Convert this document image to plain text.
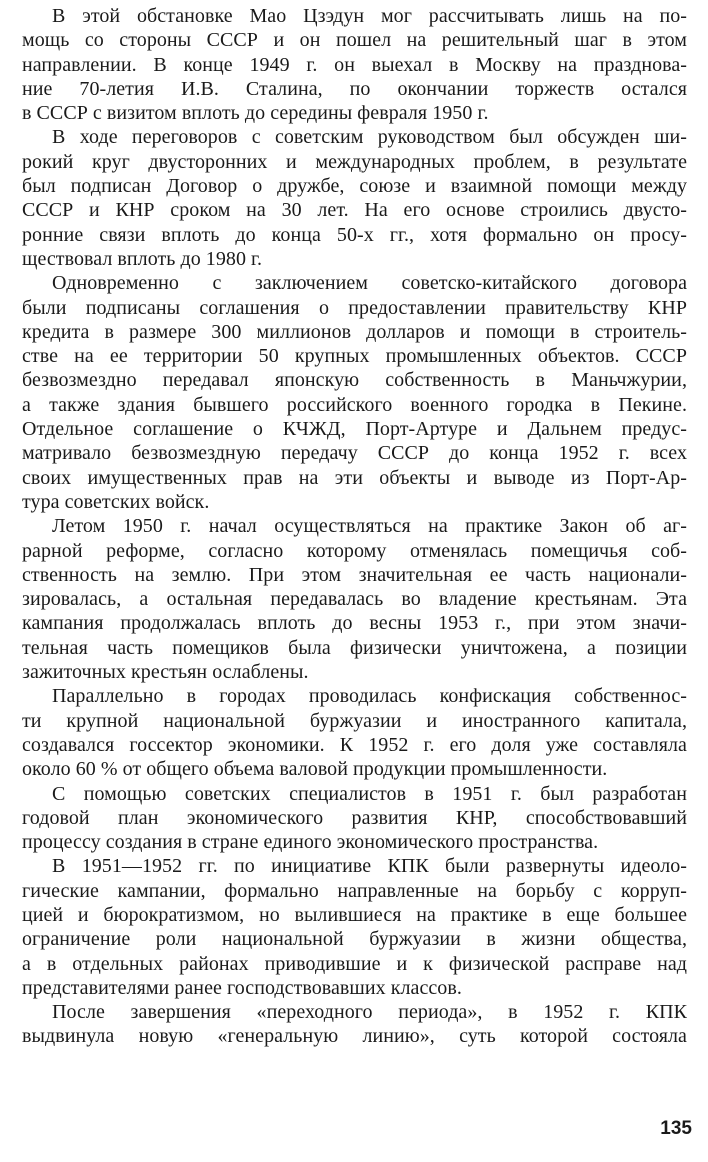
В этой обстановке Мао Цзэдун мог рассчитывать лишь на по-
мощь со стороны СССР и он пошел на решительный шаг в этом
направлении. В конце 1949 г. он выехал в Москву на празднова-
ние 70-летия И.В. Сталина, по окончании торжеств остался
в СССР с визитом вплоть до середины февраля 1950 г.
В ходе переговоров с советским руководством был обсужден ши-
рокий круг двусторонних и международных проблем, в результате
был подписан Договор о дружбе, союзе и взаимной помощи между
СССР и КНР сроком на 30 лет. На его основе строились двусто-
ронние связи вплоть до конца 50-х гг., хотя формально он просу-
ществовал вплоть до 1980 г.
Одновременно с заключением советско-китайского договора
были подписаны соглашения о предоставлении правительству КНР
кредита в размере 300 миллионов долларов и помощи в строитель-
стве на ее территории 50 крупных промышленных объектов. СССР
безвозмездно передавал японскую собственность в Маньчжурии,
а также здания бывшего российского военного городка в Пекине.
Отдельное соглашение о КЧЖД, Порт-Артуре и Дальнем предус-
матривало безвозмездную передачу СССР до конца 1952 г. всех
своих имущественных прав на эти объекты и выводе из Порт-Ар-
тура советских войск.
Летом 1950 г. начал осуществляться на практике Закон об аг-
рарной реформе, согласно которому отменялась помещичья соб-
ственность на землю. При этом значительная ее часть национали-
зировалась, а остальная передавалась во владение крестьянам. Эта
кампания продолжалась вплоть до весны 1953 г., при этом значи-
тельная часть помещиков была физически уничтожена, а позиции
зажиточных крестьян ослаблены.
Параллельно в городах проводилась конфискация собственнос-
ти крупной национальной буржуазии и иностранного капитала,
создавался госсектор экономики. К 1952 г. его доля уже составляла
около 60 % от общего объема валовой продукции промышленности.
С помощью советских специалистов в 1951 г. был разработан
годовой план экономического развития КНР, способствовавший
процессу создания в стране единого экономического пространства.
В 1951—1952 гг. по инициативе КПК были развернуты идеоло-
гические кампании, формально направленные на борьбу с корруп-
цией и бюрократизмом, но вылившиеся на практике в еще большее
ограничение роли национальной буржуазии в жизни общества,
а в отдельных районах приводившие и к физической расправе над
представителями ранее господствовавших классов.
После завершения «переходного периода», в 1952 г. КПК
выдвинула новую «генеральную линию», суть которой состояла
135
